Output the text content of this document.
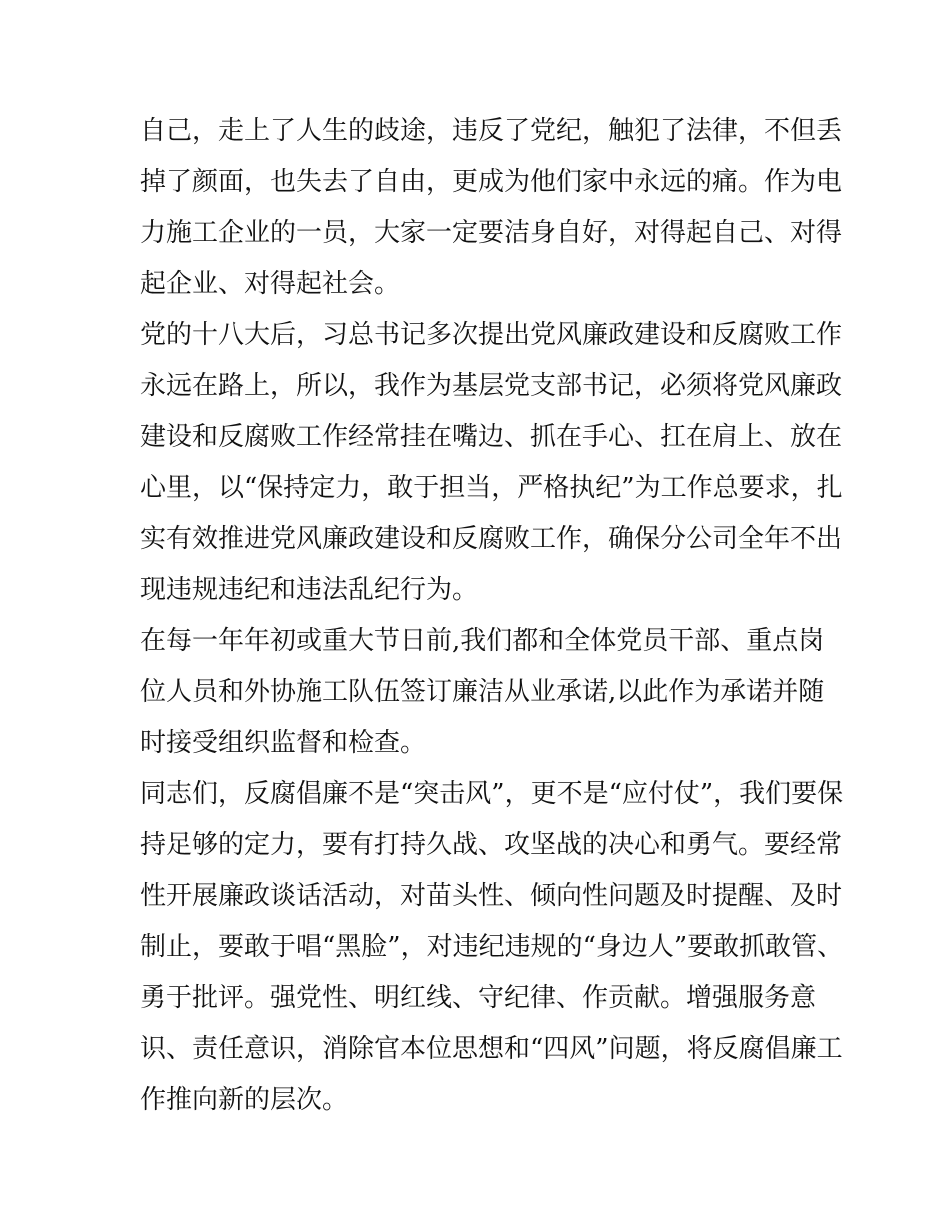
自己，走上了人生的歧途，违反了党纪，触犯了法律，不但丢
掉了颜面，也失去了自由，更成为他们家中永远的痛。作为电
力施工企业的一员，大家一定要洁身自好，对得起自己、对得
起企业、对得起社会。
党的十八大后，习总书记多次提出党风廉政建设和反腐败工作
永远在路上，所以，我作为基层党支部书记，必须将党风廉政
建设和反腐败工作经常挂在嘴边、抓在手心、扛在肩上、放在
心里，以“保持定力，敢于担当，严格执纪”为工作总要求，扎
实有效推进党风廉政建设和反腐败工作，确保分公司全年不出
现违规违纪和违法乱纪行为。
在每一年年初或重大节日前,我们都和全体党员干部、重点岗
位人员和外协施工队伍签订廉洁从业承诺,以此作为承诺并随
时接受组织监督和检查。
同志们，反腐倡廉不是“突击风”，更不是“应付仗”，我们要保
持足够的定力，要有打持久战、攻坚战的决心和勇气。要经常
性开展廉政谈话活动，对苗头性、倾向性问题及时提醒、及时
制止，要敢于唱“黑脸”，对违纪违规的“身边人”要敢抓敢管、
勇于批评。强党性、明红线、守纪律、作贡献。增强服务意
识、责任意识，消除官本位思想和“四风”问题，将反腐倡廉工
作推向新的层次。
